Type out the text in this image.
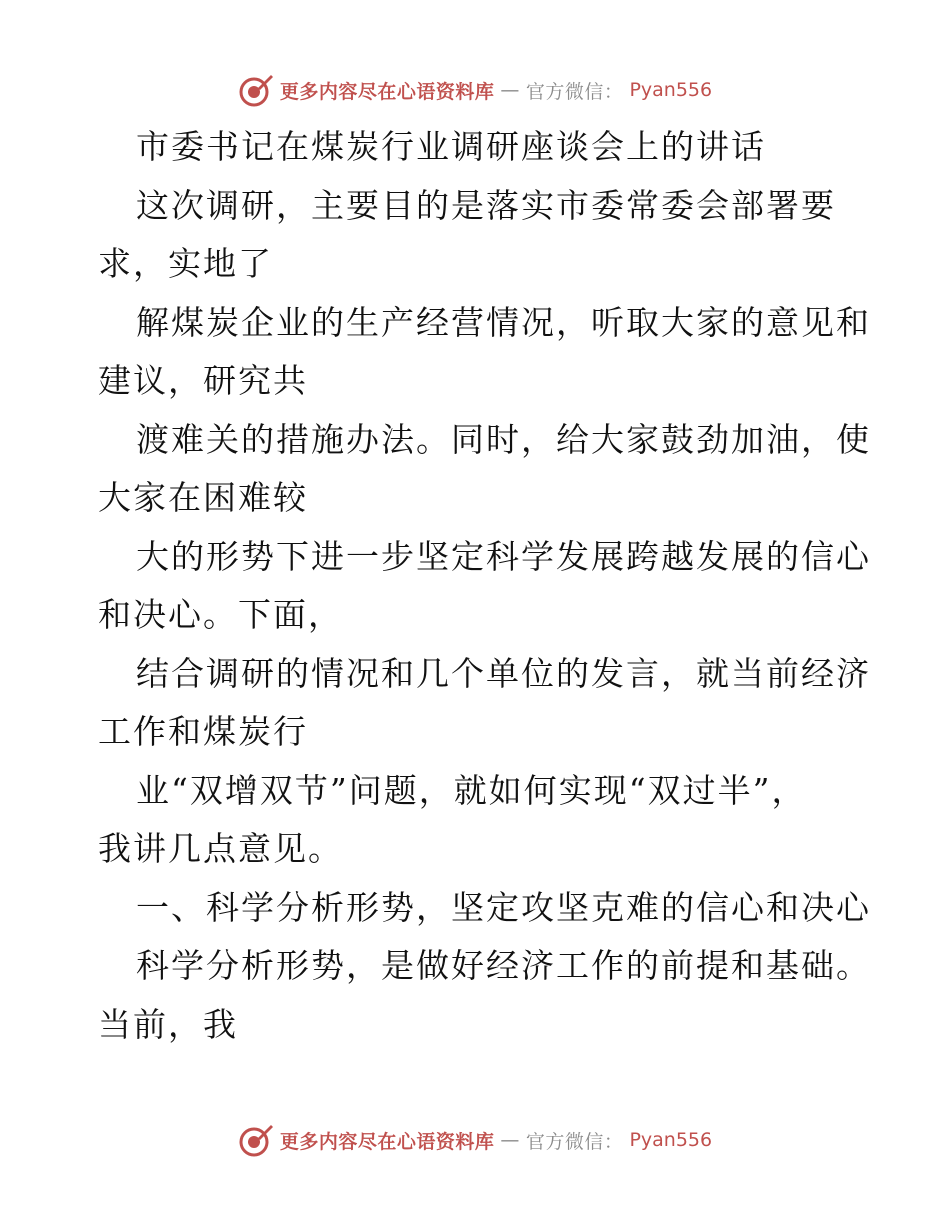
更多内容尽在心语资料库 — 官方微信： Pyan556
市委书记在煤炭行业调研座谈会上的讲话
这次调研，主要目的是落实市委常委会部署要
求，实地了
解煤炭企业的生产经营情况，听取大家的意见和
建议，研究共
渡难关的措施办法。同时，给大家鼓劲加油，使
大家在困难较
大的形势下进一步坚定科学发展跨越发展的信心
和决心。下面，
结合调研的情况和几个单位的发言，就当前经济
工作和煤炭行
业“双增双节”问题，就如何实现“双过半”，
我讲几点意见。
一、科学分析形势，坚定攻坚克难的信心和决心
科学分析形势，是做好经济工作的前提和基础。
当前，我
更多内容尽在心语资料库 — 官方微信： Pyan556
